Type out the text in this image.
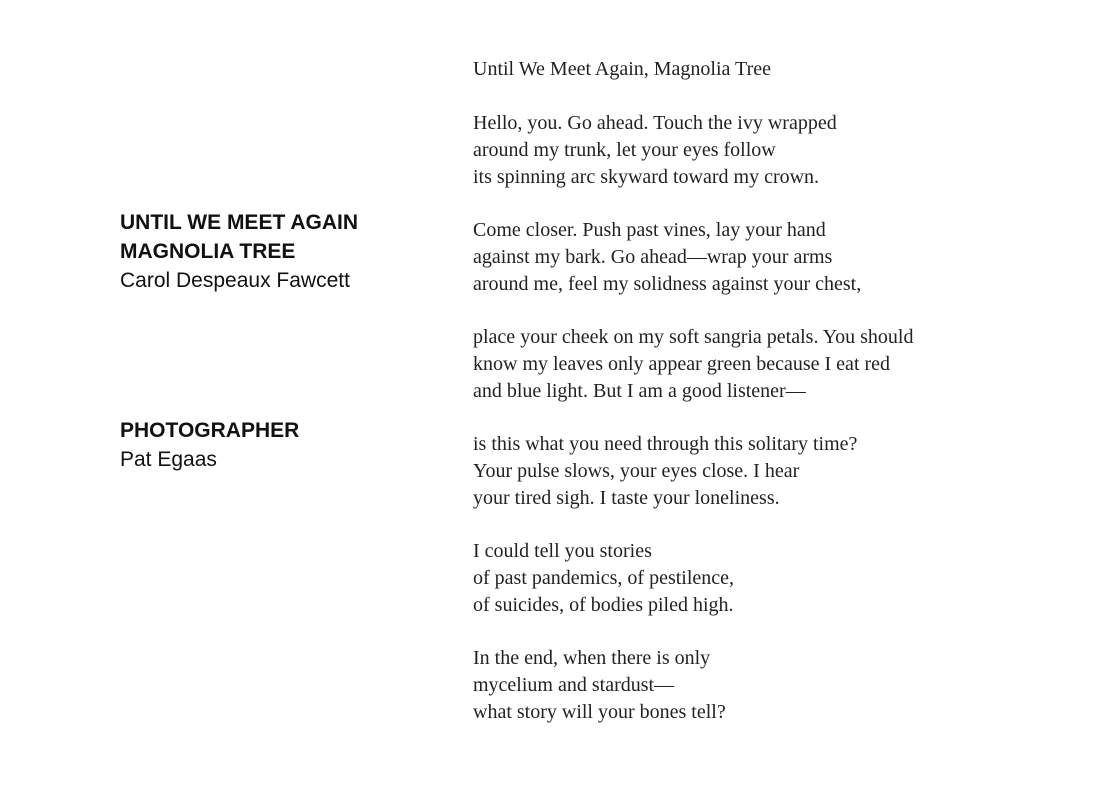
UNTIL WE MEET AGAIN

MAGNOLIA TREE

Carol Despeaux Fawcett

PHOTOGRAPHER

Pat Egaas

Until We Meet Again, Magnolia Tree

Hello, you. Go ahead. Touch the ivy wrapped
around my trunk, let your eyes follow
its spinning arc skyward toward my crown.
Come closer. Push past vines, lay your hand
against my bark. Go ahead—wrap your arms
around me, feel my solidness against your chest,
place your cheek on my soft sangria petals. You should
know my leaves only appear green because I eat red
and blue light. But I am a good listener—
is this what you need through this solitary time?
Your pulse slows, your eyes close. I hear
your tired sigh. I taste your loneliness.
I could tell you stories
of past pandemics, of pestilence,
of suicides, of bodies piled high.
In the end, when there is only
mycelium and stardust—
what story will your bones tell?
